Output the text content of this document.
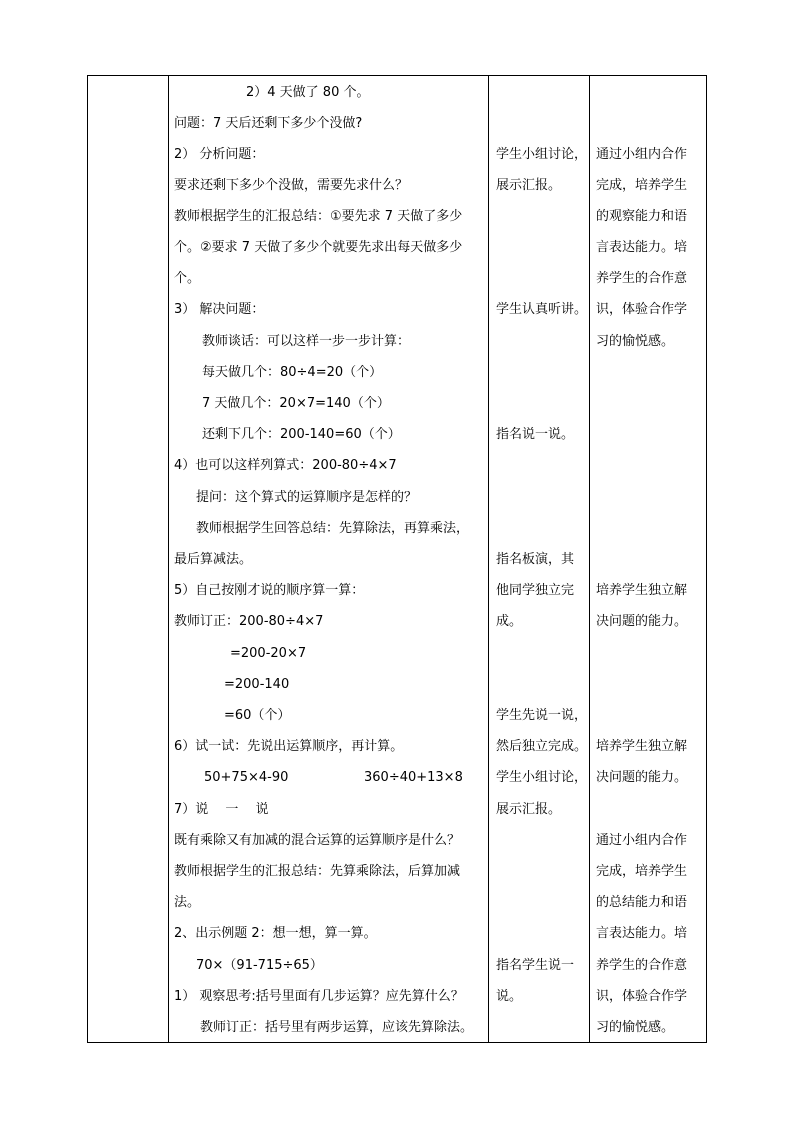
2）4 天做了 80 个。
问题：7 天后还剩下多少个没做?
2） 分析问题：
要求还剩下多少个没做，需要先求什么？
教师根据学生的汇报总结：①要先求 7 天做了多少
个。②要求 7 天做了多少个就要先求出每天做多少
个。
3） 解决问题：
教师谈话：可以这样一步一步计算：
每天做几个：80÷4=20（个）
7 天做几个：20×7=140（个）
还剩下几个：200-140=60（个）
4）也可以这样列算式：200-80÷4×7
提问：这个算式的运算顺序是怎样的？
教师根据学生回答总结：先算除法，再算乘法，
最后算减法。
5）自己按刚才说的顺序算一算：
教师订正：200-80÷4×7
=200-20×7
=200-140
=60（个）
6）试一试：先说出运算顺序，再计算。
50+75×4-90	360÷40+13×8
7）说　 一　 说
既有乘除又有加减的混合运算的运算顺序是什么？
教师根据学生的汇报总结：先算乘除法，后算加减
法。
2、出示例题 2：想一想，算一算。
70×（91-715÷65）
1） 观察思考:括号里面有几步运算？应先算什么？
教师订正：括号里有两步运算，应该先算除法。
学生小组讨论，
展示汇报。
学生认真听讲。
指名说一说。
指名板演，其
他同学独立完
成。
学生先说一说，
然后独立完成。
学生小组讨论，
展示汇报。
指名学生说一
说。
通过小组内合作
完成，培养学生
的观察能力和语
言表达能力。培
养学生的合作意
识，体验合作学
习的愉悦感。
培养学生独立解
决问题的能力。
培养学生独立解
决问题的能力。
通过小组内合作
完成，培养学生
的总结能力和语
言表达能力。培
养学生的合作意
识，体验合作学
习的愉悦感。
